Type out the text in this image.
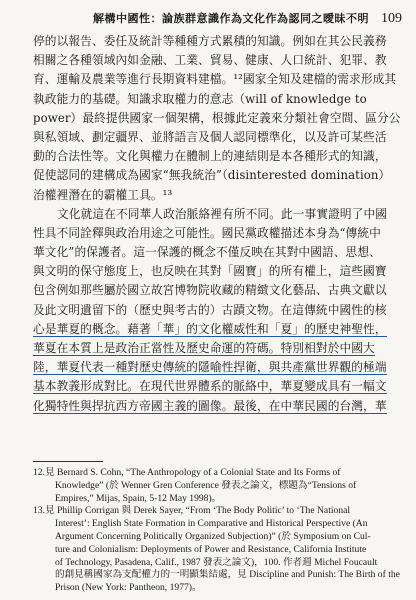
解構中國性：論族群意識作為文化作為認同之曖昧不明 109
停的以報告、委任及統計等種種方式累積的知識。例如在其公民義務
相關之各種領域內如金融、工業、貿易、健康、人口統計、犯罪、教
育、運輸及農業等進行長期資料建檔。¹²國家全知及建檔的需求形成其
執政能力的基礎。知識求取權力的意志（will of knowledge to
power）最終提供國家一個架構，根據此定義來分類社會空間、區分公
與私領域、劃定疆界、並將語言及個人認同標準化，以及許可某些活
動的合法性等。文化與權力在體制上的連結則是本各種形式的知識，
促使認同的建構成為國家“無我統治”（disinterested domination）
治權裡潛在的霸權工具。¹³
文化就這在不同華人政治脈絡裡有所不同。此一事實證明了中國
性具不同詮釋與政治用途之可能性。國民黨政權描述本身為“傳統中
華文化”的保護者。這一保護的概念不僅反映在其對中國語、思想、
與文明的保守態度上，也反映在其對「國寶」的所有權上，這些國寶
包含例如那些屬於國立故宮博物院收藏的精緻文化藝品、古典文獻以
及此文明遺留下的（歷史與考古的）古蹟文物。在這傳統中國性的核
心是華夏的概念。藉著「華」的文化權威性和「夏」的歷史神聖性，
華夏在本質上是政治正當性及歷史命運的符碼。特別相對於中國大
陸，華夏代表一種對歷史傳統的隱喻性捍衛，與共產黨世界觀的極端
基本教義形成對比。在現代世界體系的脈絡中，華夏變成具有一幅文
化獨特性與捍抗西方帝國主義的圖像。最後，在中華民國的台灣，華
12.見 Bernard S. Cohn, “The Anthropology of a Colonial State and Its Forms of
Knowledge” (於 Wenner Gren Conference 發表之論文，標題為“Tensions of
Empires,” Mijas, Spain, 5-12 May 1998)。
13.見 Phillip Corrigan 與 Derek Sayer, “From ‘The Body Politic’ to ‘The National
Interest’: English State Formation in Comparative and Historical Perspective (An
Argument Concerning Politically Organized Subjection)” (於 Symposium on Cul-
ture and Colonialism: Deployments of Power and Resistance, California Institute
of Technology, Pasadena, Calif., 1987 發表之論文)，100. 作者週 Michel Foucault
的創見稱國家為支配權力的一明顯集結處，見 Discipline and Punish: The Birth of the
Prison (New York: Pantheon, 1977)。
